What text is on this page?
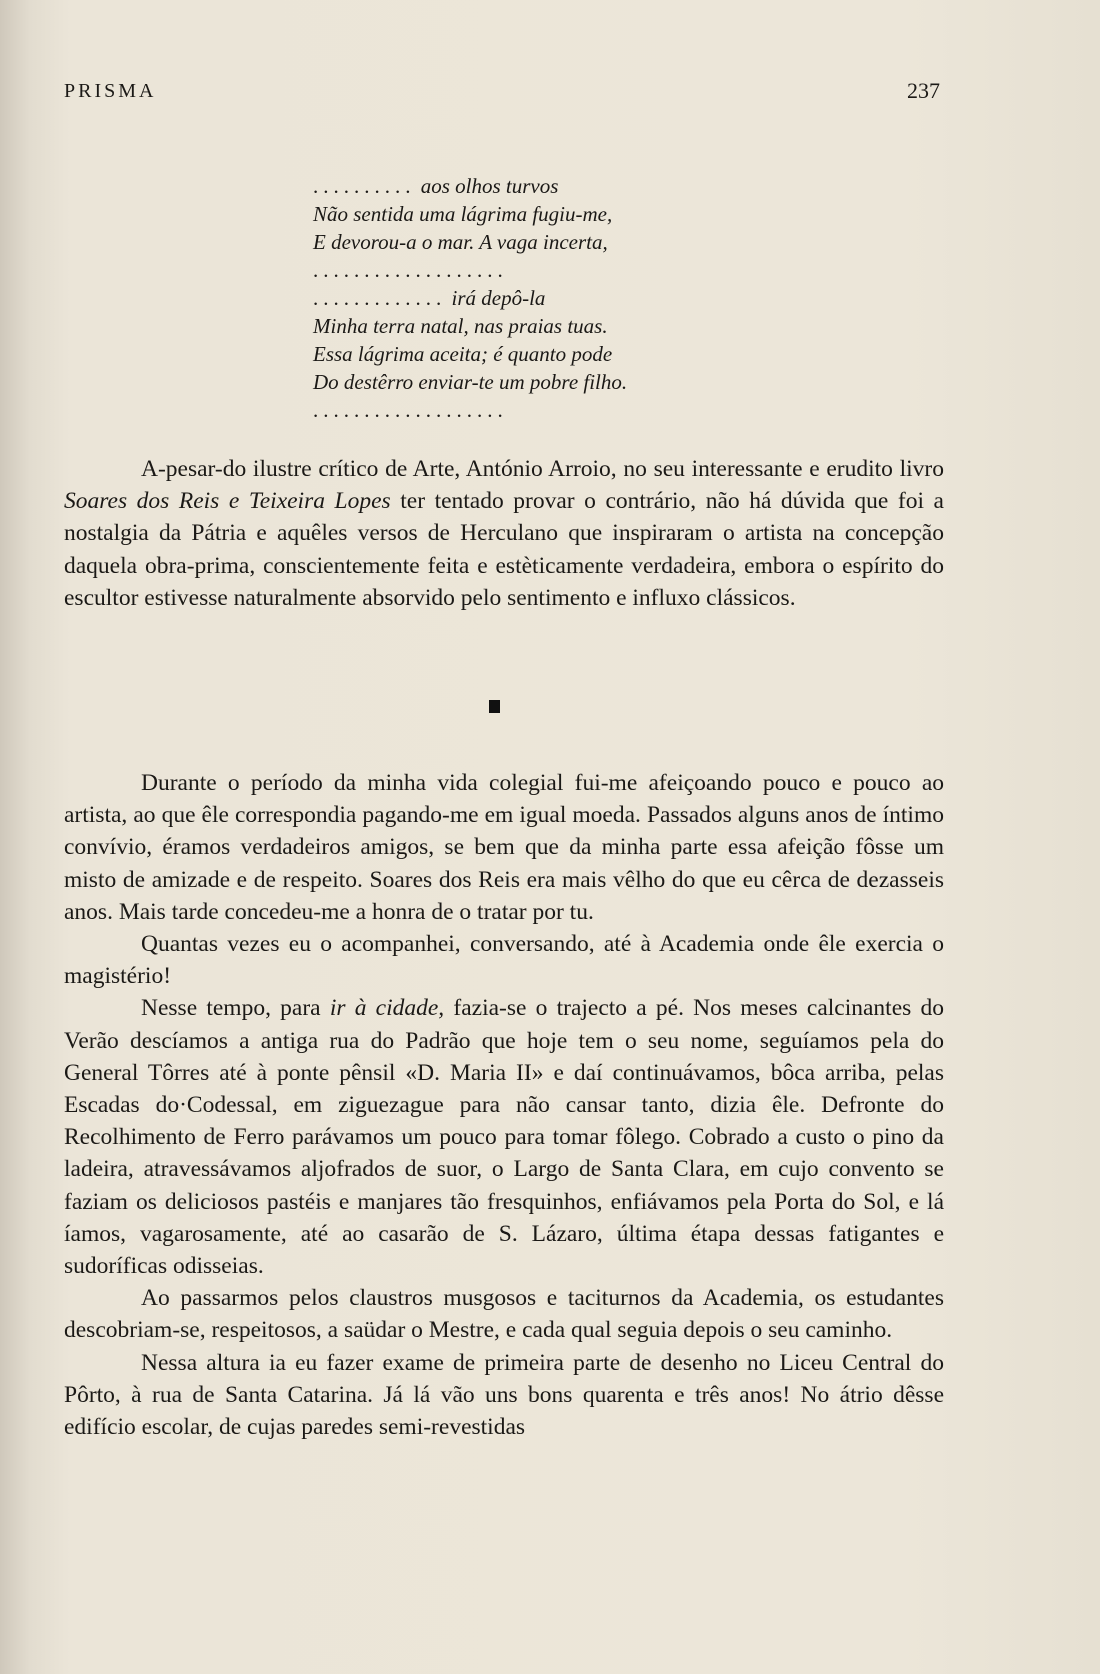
PRISMA	237
.......... aos olhos turvos
Não sentida uma lágrima fugiu-me,
E devorou-a o mar. A vaga incerta,
...................
............. irá depô-la
Minha terra natal, nas praias tuas.
Essa lágrima aceita; é quanto pode
Do destêrro enviar-te um pobre filho.
...................

A-pesar-do ilustre crítico de Arte, António Arroio, no seu interessante e erudito livro Soares dos Reis e Teixeira Lopes ter tentado provar o contrário, não há dúvida que foi a nostalgia da Pátria e aquêles versos de Herculano que inspiraram o artista na concepção daquela obra-prima, conscientemente feita e estèticamente verdadeira, embora o espírito do escultor estivesse naturalmente absorvido pelo sentimento e influxo clássicos.

Durante o período da minha vida colegial fui-me afeiçoando pouco e pouco ao artista, ao que êle correspondia pagando-me em igual moeda. Passados alguns anos de íntimo convívio, éramos verdadeiros amigos, se bem que da minha parte essa afeição fôsse um misto de amizade e de respeito. Soares dos Reis era mais vêlho do que eu cêrca de dezasseis anos. Mais tarde concedeu-me a honra de o tratar por tu.

Quantas vezes eu o acompanhei, conversando, até à Academia onde êle exercia o magistério!

Nesse tempo, para ir à cidade, fazia-se o trajecto a pé. Nos meses calcinantes do Verão descíamos a antiga rua do Padrão que hoje tem o seu nome, seguíamos pela do General Tôrres até à ponte pênsil «D. Maria II» e daí continuávamos, bôca arriba, pelas Escadas do·Codessal, em ziguezague para não cansar tanto, dizia êle. Defronte do Recolhimento de Ferro parávamos um pouco para tomar fôlego. Cobrado a custo o pino da ladeira, atravessávamos aljofrados de suor, o Largo de Santa Clara, em cujo convento se faziam os deliciosos pastéis e manjares tão fresquinhos, enfiávamos pela Porta do Sol, e lá íamos, vagarosamente, até ao casarão de S. Lázaro, última étapa dessas fatigantes e sudoríficas odisseias.

Ao passarmos pelos claustros musgosos e taciturnos da Academia, os estudantes descobriam-se, respeitosos, a saüdar o Mestre, e cada qual seguia depois o seu caminho.

Nessa altura ia eu fazer exame de primeira parte de desenho no Liceu Central do Pôrto, à rua de Santa Catarina. Já lá vão uns bons quarenta e três anos! No átrio dêsse edifício escolar, de cujas paredes semi-revestidas
